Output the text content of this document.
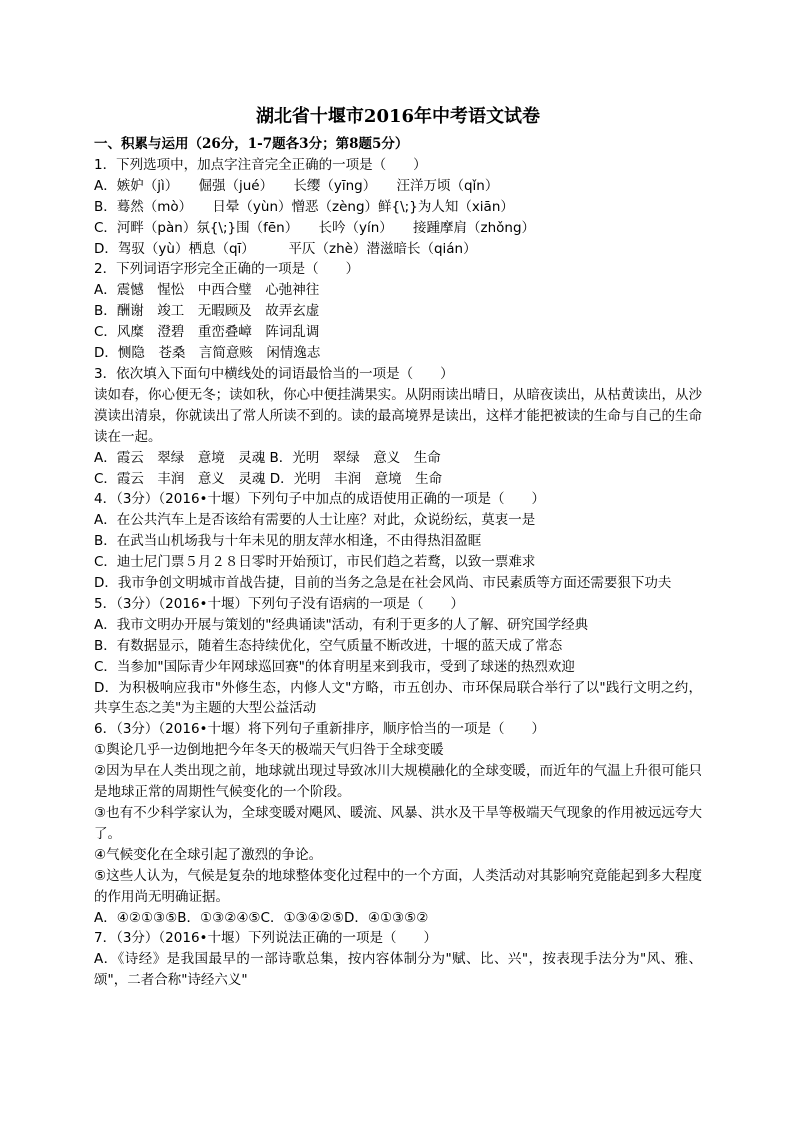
湖北省十堰市2016年中考语文试卷
一、积累与运用（26分，1-7题各3分；第8题5分）
1．下列选项中，加点字注音完全正确的一项是（　　）
A．嫉妒（jì）　　倔强（jué）　　长缨（yīng）　　汪洋万顷（qǐn）
B．蓦然（mò）　　日晕（yùn）憎恶（zèng）鲜{\;}为人知（xiān）
C．河畔（pàn）氛{\;}围（fēn）　　长吟（yín）　　接踵摩肩（zhǒng）
D．驾驭（yù）栖息（qī）　　　平仄（zhè）潜滋暗长（qián）
2．下列词语字形完全正确的一项是（　　）
A．震憾　惺忪　中西合璧　心弛神往
B．酬谢　竣工　无暇顾及　故弄玄虚
C．风糜　澄碧　重峦叠嶂　阵词乱调
D．恻隐　苍桑　言简意赅　闲情逸志
3．依次填入下面句中横线处的词语最恰当的一项是（　　）
读如春，你心便无冬；读如秋，你心中便挂满果实。从阴雨读出晴日，从暗夜读出，从枯黄读出，从沙漠读出清泉，你就读出了常人所读不到的。读的最高境界是读出，这样才能把被读的生命与自己的生命读在一起。
A．霞云　翠绿　意境　灵魂 B．光明　翠绿　意义　生命
C．霞云　丰润　意义　灵魂 D．光明　丰润　意境　生命
4．（3分）（2016•十堰）下列句子中加点的成语使用正确的一项是（　　）
A．在公共汽车上是否该给有需要的人士让座？对此，众说纷纭，莫衷一是
B．在武当山机场我与十年未见的朋友萍水相逢，不由得热泪盈眶
C．迪士尼门票５月２８日零时开始预订，市民们趋之若鹜，以致一票难求
D．我市争创文明城市首战告捷，目前的当务之急是在社会风尚、市民素质等方面还需要狠下功夫
5．（3分）（2016•十堰）下列句子没有语病的一项是（　　）
A．我市文明办开展与策划的"经典诵读"活动，有利于更多的人了解、研究国学经典
B．有数据显示，随着生态持续优化，空气质量不断改进，十堰的蓝天成了常态
C．当参加"国际青少年网球巡回赛"的体育明星来到我市，受到了球迷的热烈欢迎
D．为积极响应我市"外修生态，内修人文"方略，市五创办、市环保局联合举行了以"践行文明之约，共享生态之美"为主题的大型公益活动
6．（3分）（2016•十堰）将下列句子重新排序，顺序恰当的一项是（　　）
①舆论几乎一边倒地把今年冬天的极端天气归咎于全球变暖
②因为早在人类出现之前，地球就出现过导致冰川大规模融化的全球变暖，而近年的气温上升很可能只是地球正常的周期性气候变化的一个阶段。
③也有不少科学家认为，全球变暖对飓风、暖流、风暴、洪水及干旱等极端天气现象的作用被远远夸大了。
④气候变化在全球引起了激烈的争论。
⑤这些人认为，气候是复杂的地球整体变化过程中的一个方面，人类活动对其影响究竟能起到多大程度的作用尚无明确证据。
A．④②①③⑤B．①③②④⑤C．①③④②⑤D．④①③⑤②
7．（3分）（2016•十堰）下列说法正确的一项是（　　）
A．《诗经》是我国最早的一部诗歌总集，按内容体制分为"赋、比、兴"，按表现手法分为"风、雅、颂"，二者合称"诗经六义"
